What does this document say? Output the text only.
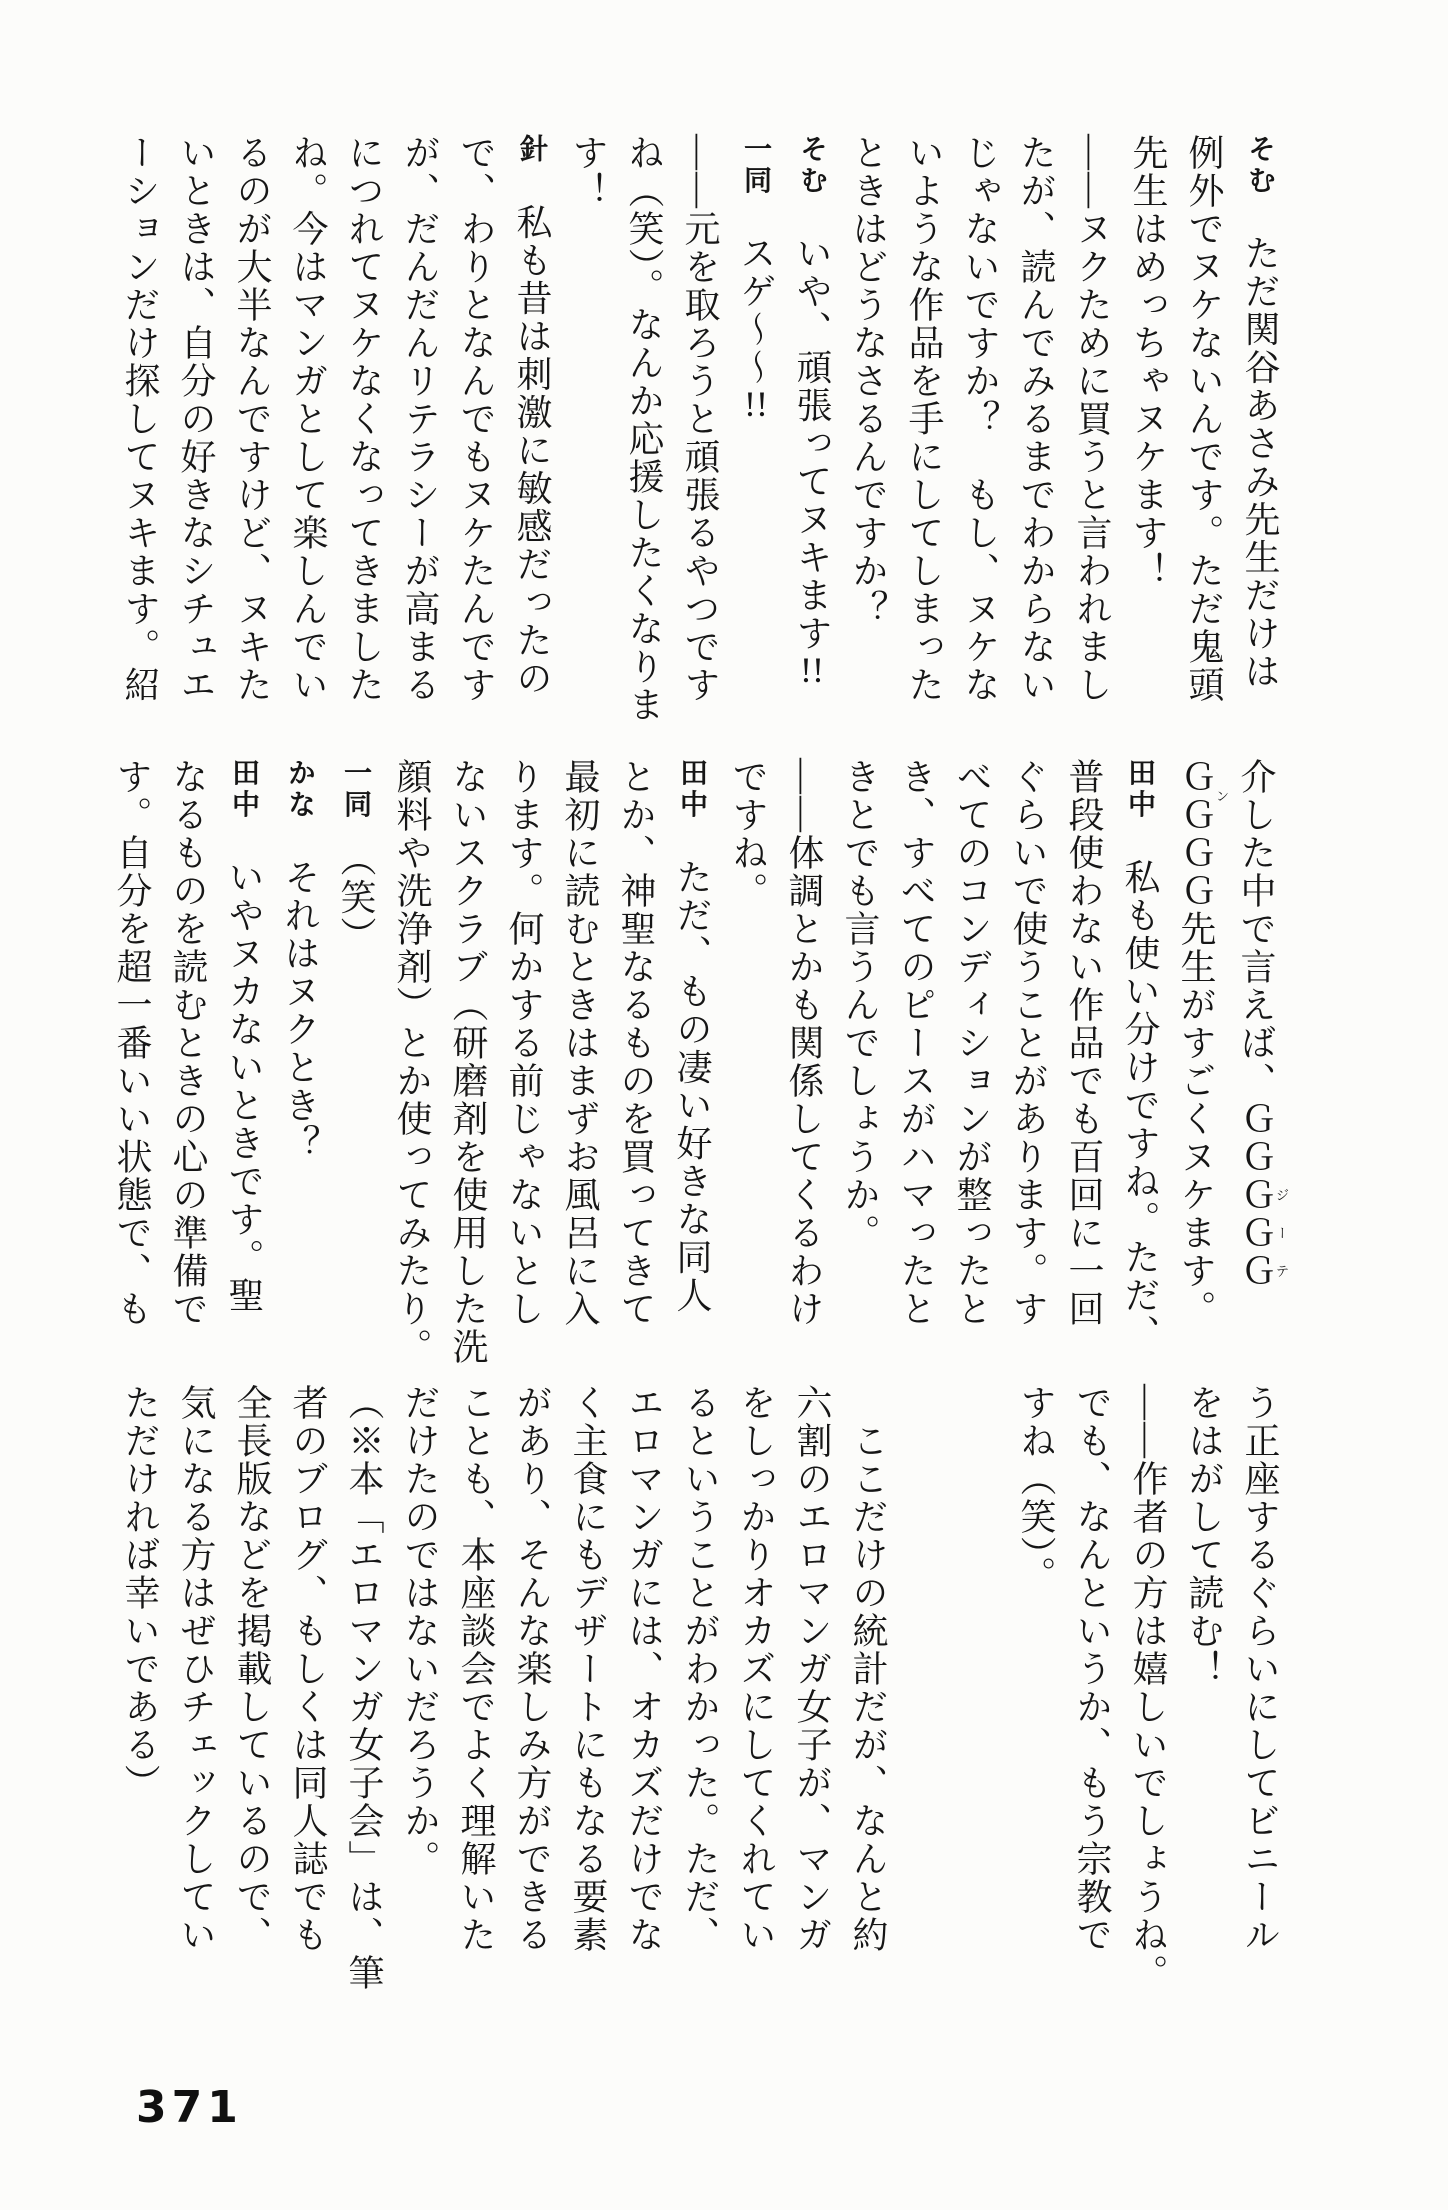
そむ　ただ関谷あさみ先生だけは

例外でヌケないんです。ただ鬼頭

先生はめっちゃヌケます！

——ヌクために買うと言われまし

たが、読んでみるまでわからない

じゃないですか？　もし、ヌケな

いような作品を手にしてしまった

ときはどうなさるんですか？

そむ　いや、頑張ってヌキます!!

一同　スゲ〜〜!!

——元を取ろうと頑張るやつです

ね（笑）。なんか応援したくなりま

す！

針　私も昔は刺激に敏感だったの

で、わりとなんでもヌケたんです

が、だんだんリテラシーが高まる

につれてヌケなくなってきました

ね。今はマンガとして楽しんでい

るのが大半なんですけど、ヌキた

いときは、自分の好きなシチュエ

ーションだけ探してヌキます。紹

介した中で言えば、ＧＧＧＧＧジーテ

ＧＧンＧＧ先生がすごくヌケます。

田中　私も使い分けですね。ただ、

普段使わない作品でも百回に一回

ぐらいで使うことがあります。す

べてのコンディションが整ったと

き、すべてのピースがハマったと

きとでも言うんでしょうか。

——体調とかも関係してくるわけ

ですね。

田中　ただ、もの凄い好きな同人

とか、神聖なるものを買ってきて

最初に読むときはまずお風呂に入

ります。何かする前じゃないとし

ないスクラブ（研磨剤を使用した洗

顔料や洗浄剤）とか使ってみたり。

一同　（笑）

かな　それはヌクとき？

田中　いやヌカないときです。聖

なるものを読むときの心の準備で

す。自分を超一番いい状態で、も

う正座するぐらいにしてビニール

をはがして読む！

——作者の方は嬉しいでしょうね。

でも、なんというか、もう宗教で

すね（笑）。

　ここだけの統計だが、なんと約

六割のエロマンガ女子が、マンガ

をしっかりオカズにしてくれてい

るということがわかった。ただ、

エロマンガには、オカズだけでな

く主食にもデザートにもなる要素

があり、そんな楽しみ方ができる

ことも、本座談会でよく理解いた

だけたのではないだろうか。

（※本「エロマンガ女子会」は、筆

者のブログ、もしくは同人誌でも

全長版などを掲載しているので、

気になる方はぜひチェックしてい

ただければ幸いである）

371
